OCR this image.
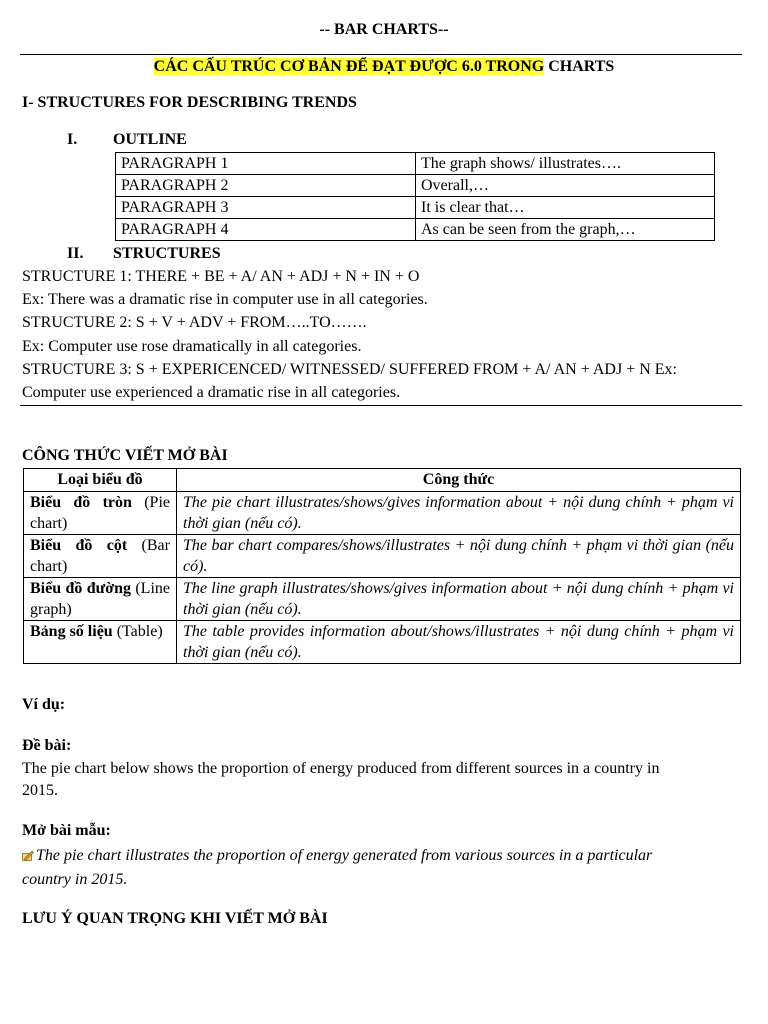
-- BAR CHARTS--
CÁC CẤU TRÚC CƠ BẢN ĐỂ ĐẠT ĐƯỢC 6.0 TRONG CHARTS
I- STRUCTURES FOR DESCRIBING TRENDS
I. OUTLINE
PARAGRAPH 1	The graph shows/ illustrates….
PARAGRAPH 2	Overall,…
PARAGRAPH 3	It is clear that…
PARAGRAPH 4	As can be seen from the graph,…
II. STRUCTURES
STRUCTURE 1: THERE + BE + A/ AN + ADJ + N + IN + O
Ex: There was a dramatic rise in computer use in all categories.
STRUCTURE 2: S + V + ADV + FROM…..TO…….
Ex: Computer use rose dramatically in all categories.
STRUCTURE 3: S + EXPERICENCED/ WITNESSED/ SUFFERED FROM + A/ AN + ADJ + N Ex:
Computer use experienced a dramatic rise in all categories.
CÔNG THỨC VIẾT MỞ BÀI
Loại biểu đồ	Công thức
Biểu đồ tròn (Pie chart)	The pie chart illustrates/shows/gives information about + nội dung chính + phạm vi thời gian (nếu có).
Biểu đồ cột (Bar chart)	The bar chart compares/shows/illustrates + nội dung chính + phạm vi thời gian (nếu có).
Biểu đồ đường (Line graph)	The line graph illustrates/shows/gives information about + nội dung chính + phạm vi thời gian (nếu có).
Bảng số liệu (Table)	The table provides information about/shows/illustrates + nội dung chính + phạm vi thời gian (nếu có).
Ví dụ:
Đề bài:
The pie chart below shows the proportion of energy produced from different sources in a country in
2015.
Mở bài mẫu:
The pie chart illustrates the proportion of energy generated from various sources in a particular
country in 2015.
LƯU Ý QUAN TRỌNG KHI VIẾT MỞ BÀI
